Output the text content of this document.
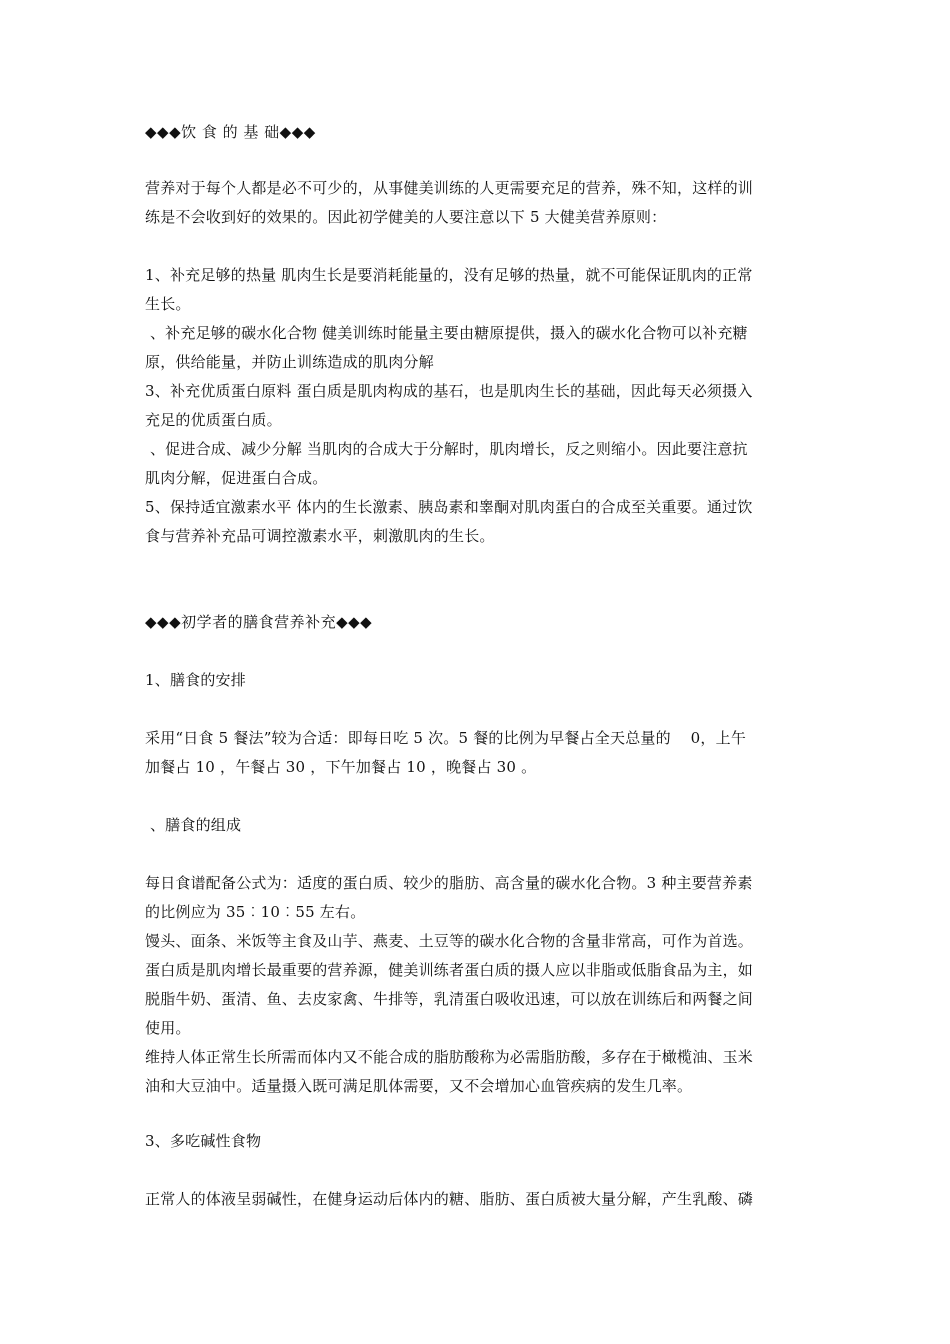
◆◆◆饮 食 的 基 础◆◆◆
营养对于每个人都是必不可少的，从事健美训练的人更需要充足的营养，殊不知，这样的训
练是不会收到好的效果的。因此初学健美的人要注意以下 5 大健美营养原则：
1、补充足够的热量 肌肉生长是要消耗能量的，没有足够的热量，就不可能保证肌肉的正常
生长。
、补充足够的碳水化合物 健美训练时能量主要由糖原提供，摄入的碳水化合物可以补充糖
原，供给能量，并防止训练造成的肌肉分解
3、补充优质蛋白原料 蛋白质是肌肉构成的基石，也是肌肉生长的基础，因此每天必须摄入
充足的优质蛋白质。
、促进合成、减少分解 当肌肉的合成大于分解时，肌肉增长，反之则缩小。因此要注意抗
肌肉分解，促进蛋白合成。
5、保持适宜激素水平 体内的生长激素、胰岛素和睾酮对肌肉蛋白的合成至关重要。通过饮
食与营养补充品可调控激素水平，刺激肌肉的生长。
◆◆◆初学者的膳食营养补充◆◆◆
1、膳食的安排
采用“日食 5 餐法”较为合适：即每日吃 5 次。5 餐的比例为早餐占全天总量的    0，上午
加餐占 10 ，午餐占 30 ，下午加餐占 10 ，晚餐占 30 。
、膳食的组成
每日食谱配备公式为：适度的蛋白质、较少的脂肪、高含量的碳水化合物。3 种主要营养素
的比例应为 35︰10︰55 左右。
馒头、面条、米饭等主食及山芋、燕麦、土豆等的碳水化合物的含量非常高，可作为首选。
蛋白质是肌肉增长最重要的营养源，健美训练者蛋白质的摄人应以非脂或低脂食品为主，如
脱脂牛奶、蛋清、鱼、去皮家禽、牛排等，乳清蛋白吸收迅速，可以放在训练后和两餐之间
使用。
维持人体正常生长所需而体内又不能合成的脂肪酸称为必需脂肪酸，多存在于橄榄油、玉米
油和大豆油中。适量摄入既可满足肌体需要，又不会增加心血管疾病的发生几率。
3、多吃碱性食物
正常人的体液呈弱碱性，在健身运动后体内的糖、脂肪、蛋白质被大量分解，产生乳酸、磷
